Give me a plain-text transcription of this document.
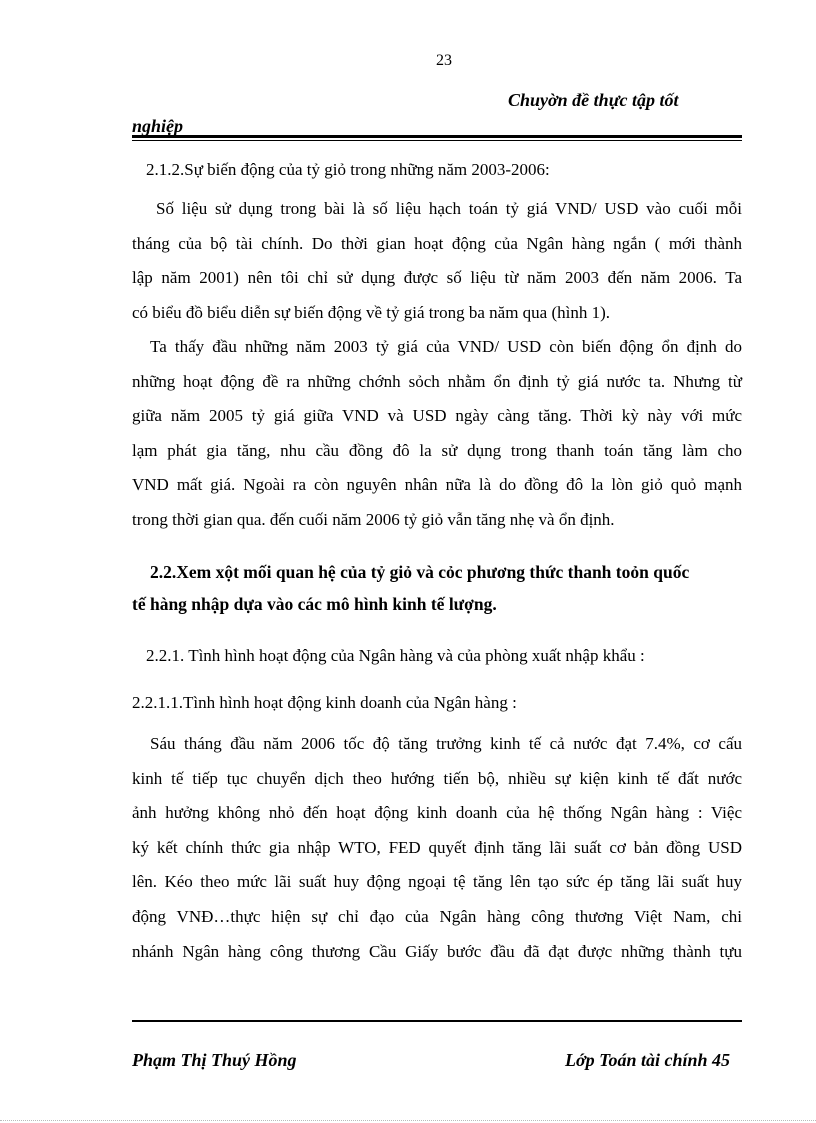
23
Chuyờn đề thực tập tốt
nghiệp
2.1.2.Sự biến động của tỷ giỏ trong những năm 2003-2006:
Số liệu sử dụng trong bài là số liệu hạch toán tỷ giá VND/ USD vào cuối mỗi
tháng của bộ tài chính. Do thời gian hoạt động của Ngân hàng ngắn ( mới thành
lập năm 2001) nên tôi chỉ sử dụng được số liệu từ năm 2003 đến năm 2006. Ta
có biểu đồ biểu diễn sự biến động về tỷ giá trong ba năm qua (hình 1).
Ta thấy đầu những năm 2003 tỷ giá của VND/ USD còn biến động ổn định do
những hoạt động đề ra những chớnh sỏch nhằm ổn định tỷ giá nước ta. Nhưng từ
giữa năm 2005 tỷ giá giữa VND và USD ngày càng tăng. Thời kỳ này với mức
lạm phát gia tăng, nhu cầu đồng đô la sử dụng trong thanh toán tăng làm cho
VND mất giá. Ngoài ra còn nguyên nhân nữa là do đồng đô la lòn giỏ quỏ mạnh
trong thời gian qua. đến cuối năm 2006 tỷ giỏ vẫn tăng nhẹ và ổn định.
2.2.Xem xột mối quan hệ của tỷ giỏ và cỏc phương thức thanh toỏn quốc
tế hàng nhập dựa vào các mô hình kinh tế lượng.
2.2.1. Tình hình hoạt động của Ngân hàng và của phòng xuất nhập khẩu :
2.2.1.1.Tình hình hoạt động kinh doanh của Ngân hàng :
Sáu tháng đầu năm 2006 tốc độ tăng trưởng kinh tế cả nước đạt 7.4%, cơ cấu
kinh tế tiếp tục chuyển dịch theo hướng tiến bộ, nhiều sự kiện kinh tế đất nước
ảnh hưởng không nhỏ đến hoạt động kinh doanh của hệ thống Ngân hàng : Việc
ký kết chính thức gia nhập WTO, FED quyết định tăng lãi suất cơ bản đồng USD
lên. Kéo theo mức lãi suất huy động ngoại tệ tăng lên tạo sức ép tăng lãi suất huy
động VNĐ…thực hiện sự chỉ đạo của Ngân hàng công thương Việt Nam, chi
nhánh Ngân hàng công thương Cầu Giấy bước đầu đã đạt được những thành tựu
Phạm Thị Thuý Hồng	Lớp Toán tài chính 45
